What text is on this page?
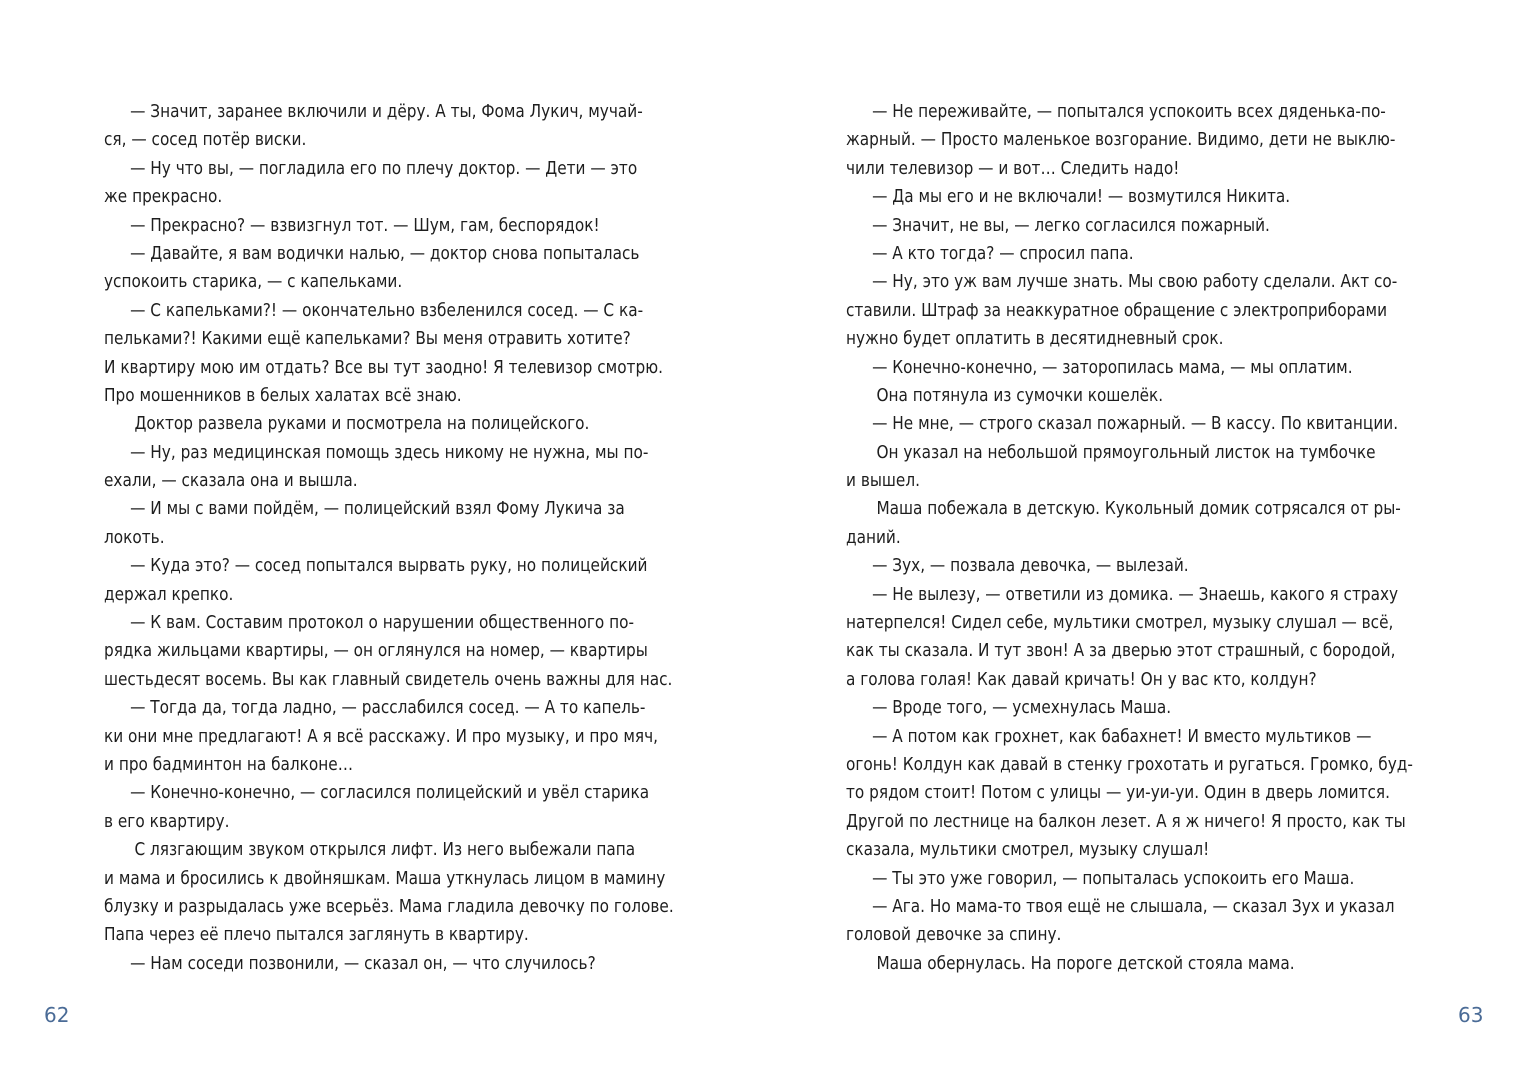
— Значит, заранее включили и дёру. А ты, Фома Лукич, мучай-
ся, — сосед потёр виски.
— Ну что вы, — погладила его по плечу доктор. — Дети — это
же прекрасно.
— Прекрасно? — взвизгнул тот. — Шум, гам, беспорядок!
— Давайте, я вам водички налью, — доктор снова попыталась
успокоить старика, — с капельками.
— С капельками?! — окончательно взбеленился сосед. — С ка-
пельками?! Какими ещё капельками? Вы меня отравить хотите?
И квартиру мою им отдать? Все вы тут заодно! Я телевизор смотрю.
Про мошенников в белых халатах всё знаю.
Доктор развела руками и посмотрела на полицейского.
— Ну, раз медицинская помощь здесь никому не нужна, мы по-
ехали, — сказала она и вышла.
— И мы с вами пойдём, — полицейский взял Фому Лукича за
локоть.
— Куда это? — сосед попытался вырвать руку, но полицейский
держал крепко.
— К вам. Составим протокол о нарушении общественного по-
рядка жильцами квартиры, — он оглянулся на номер, — квартиры
шестьдесят восемь. Вы как главный свидетель очень важны для нас.
— Тогда да, тогда ладно, — расслабился сосед. — А то капель-
ки они мне предлагают! А я всё расскажу. И про музыку, и про мяч,
и про бадминтон на балконе…
— Конечно-конечно, — согласился полицейский и увёл старика
в его квартиру.
С лязгающим звуком открылся лифт. Из него выбежали папа
и мама и бросились к двойняшкам. Маша уткнулась лицом в мамину
блузку и разрыдалась уже всерьёз. Мама гладила девочку по голове.
Папа через её плечо пытался заглянуть в квартиру.
— Нам соседи позвонили, — сказал он, — что случилось?
— Не переживайте, — попытался успокоить всех дяденька-по-
жарный. — Просто маленькое возгорание. Видимо, дети не выклю-
чили телевизор — и вот… Следить надо!
— Да мы его и не включали! — возмутился Никита.
— Значит, не вы, — легко согласился пожарный.
— А кто тогда? — спросил папа.
— Ну, это уж вам лучше знать. Мы свою работу сделали. Акт со-
ставили. Штраф за неаккуратное обращение с электроприборами
нужно будет оплатить в десятидневный срок.
— Конечно-конечно, — заторопилась мама, — мы оплатим.
Она потянула из сумочки кошелёк.
— Не мне, — строго сказал пожарный. — В кассу. По квитанции.
Он указал на небольшой прямоугольный листок на тумбочке
и вышел.
Маша побежала в детскую. Кукольный домик сотрясался от ры-
даний.
— Зух, — позвала девочка, — вылезай.
— Не вылезу, — ответили из домика. — Знаешь, какого я страху
натерпелся! Сидел себе, мультики смотрел, музыку слушал — всё,
как ты сказала. И тут звон! А за дверью этот страшный, с бородой,
а голова голая! Как давай кричать! Он у вас кто, колдун?
— Вроде того, — усмехнулась Маша.
— А потом как грохнет, как бабахнет! И вместо мультиков —
огонь! Колдун как давай в стенку грохотать и ругаться. Громко, буд-
то рядом стоит! Потом с улицы — уи-уи-уи. Один в дверь ломится.
Другой по лестнице на балкон лезет. А я ж ничего! Я просто, как ты
сказала, мультики смотрел, музыку слушал!
— Ты это уже говорил, — попыталась успокоить его Маша.
— Ага. Но мама-то твоя ещё не слышала, — сказал Зух и указал
головой девочке за спину.
Маша обернулась. На пороге детской стояла мама.
62	63
